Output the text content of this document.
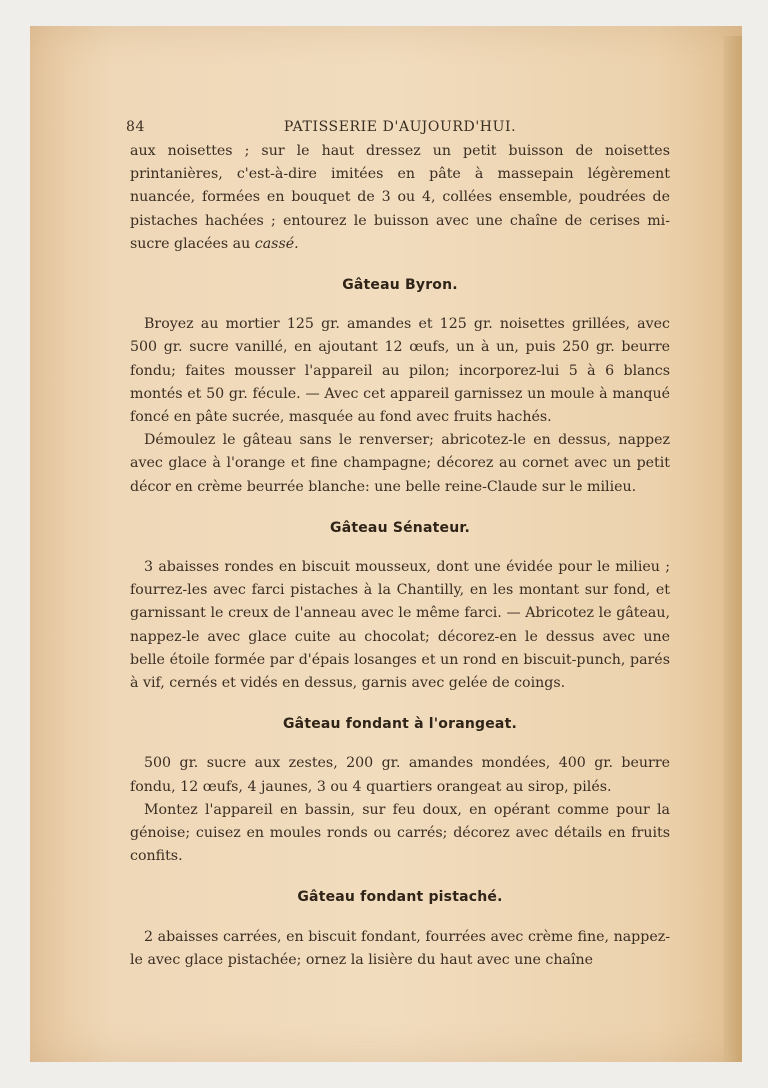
84	PATISSERIE D'AUJOURD'HUI.

aux noisettes ; sur le haut dressez un petit buisson de noisettes printanières, c'est-à-dire imitées en pâte à massepain légèrement nuancée, formées en bouquet de 3 ou 4, collées ensemble, poudrées de pistaches hachées ; entourez le buisson avec une chaîne de cerises mi-sucre glacées au cassé.

Gâteau Byron.

Broyez au mortier 125 gr. amandes et 125 gr. noisettes grillées, avec 500 gr. sucre vanillé, en ajoutant 12 œufs, un à un, puis 250 gr. beurre fondu; faites mousser l'appareil au pilon; incorporez-lui 5 à 6 blancs montés et 50 gr. fécule. — Avec cet appareil garnissez un moule à manqué foncé en pâte sucrée, masquée au fond avec fruits hachés.

Démoulez le gâteau sans le renverser; abricotez-le en dessus, nappez avec glace à l'orange et fine champagne; décorez au cornet avec un petit décor en crème beurrée blanche: une belle reine-Claude sur le milieu.

Gâteau Sénateur.

3 abaisses rondes en biscuit mousseux, dont une évidée pour le milieu ; fourrez-les avec farci pistaches à la Chantilly, en les montant sur fond, et garnissant le creux de l'anneau avec le même farci. — Abricotez le gâteau, nappez-le avec glace cuite au chocolat; décorez-en le dessus avec une belle étoile formée par d'épais losanges et un rond en biscuit-punch, parés à vif, cernés et vidés en dessus, garnis avec gelée de coings.

Gâteau fondant à l'orangeat.

500 gr. sucre aux zestes, 200 gr. amandes mondées, 400 gr. beurre fondu, 12 œufs, 4 jaunes, 3 ou 4 quartiers orangeat au sirop, pilés.

Montez l'appareil en bassin, sur feu doux, en opérant comme pour la génoise; cuisez en moules ronds ou carrés; décorez avec détails en fruits confits.

Gâteau fondant pistaché.

2 abaisses carrées, en biscuit fondant, fourrées avec crème fine, nappez-le avec glace pistachée; ornez la lisière du haut avec une chaîne
